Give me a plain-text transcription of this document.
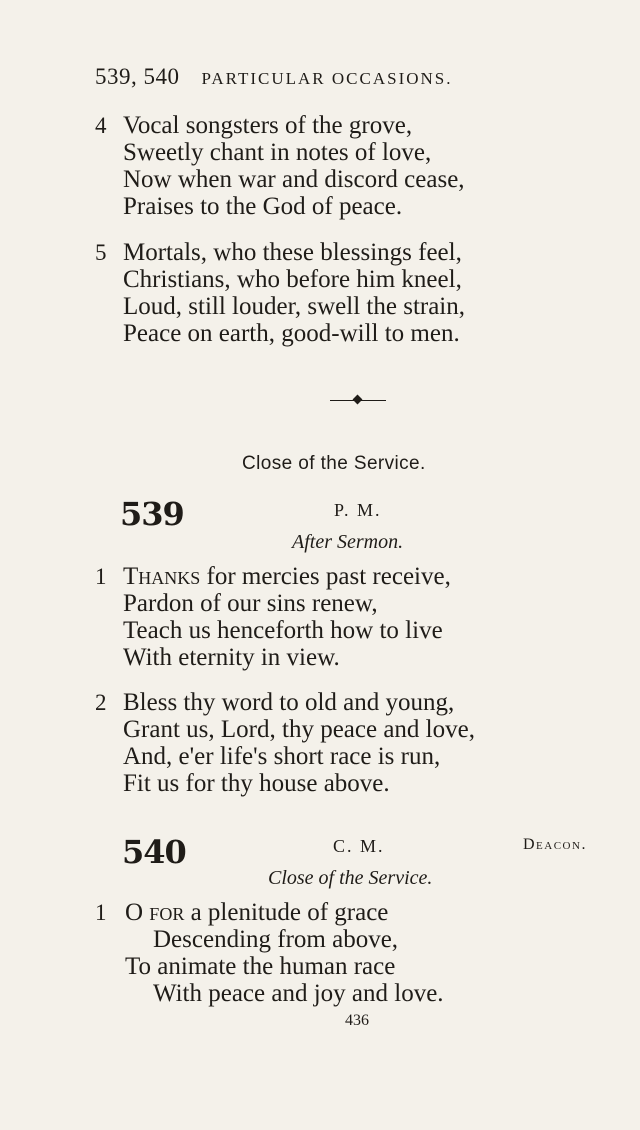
539, 540 PARTICULAR OCCASIONS.
4 Vocal songsters of the grove,
Sweetly chant in notes of love,
Now when war and discord cease,
Praises to the God of peace.
5 Mortals, who these blessings feel,
Christians, who before him kneel,
Loud, still louder, swell the strain,
Peace on earth, good-will to men.
Close of the Service.
539	P. M.
After Sermon.
1 Thanks for mercies past receive,
Pardon of our sins renew,
Teach us henceforth how to live
With eternity in view.
2 Bless thy word to old and young,
Grant us, Lord, thy peace and love,
And, e'er life's short race is run,
Fit us for thy house above.
540	C. M.	Deacon.
Close of the Service.
1 O for a plenitude of grace
Descending from above,
To animate the human race
With peace and joy and love.
436
